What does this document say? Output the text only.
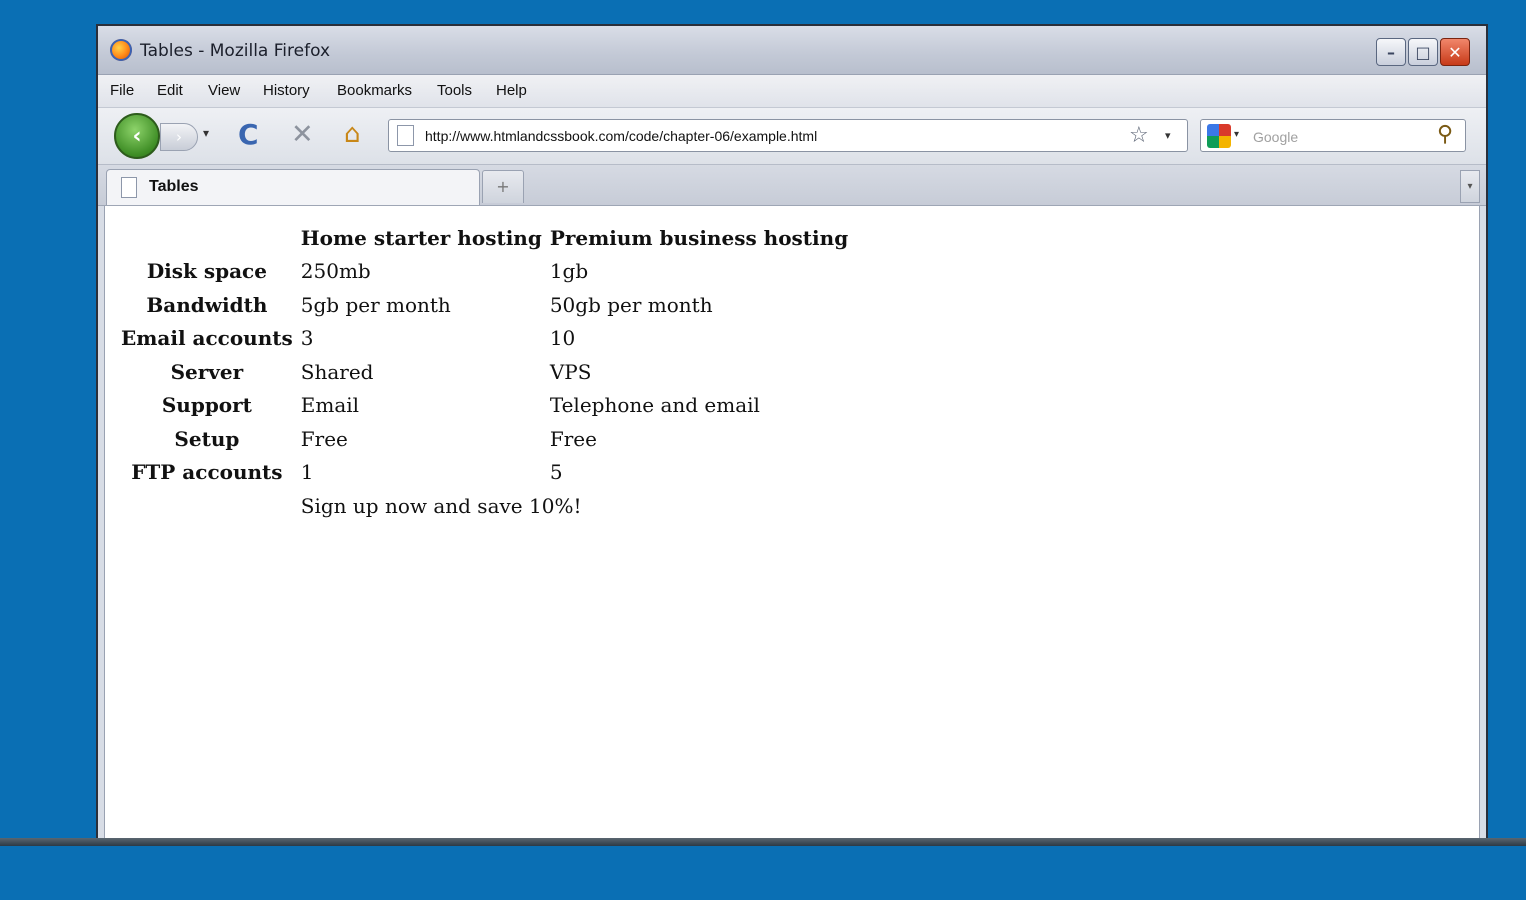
Tables - Mozilla Firefox	–	□	✕
File Edit View History Bookmarks Tools Help
‹	›	▾ C ✕ ⌂	http://www.htmlandcssbook.com/code/chapter-06/example.html	☆ ▾	▾
Google	⚲
Tables	+	▾
	Home starter hosting	Premium business hosting
Disk space	250mb	1gb
Bandwidth	5gb per month	50gb per month
Email accounts	3	10
Server	Shared	VPS
Support	Email	Telephone and email
Setup	Free	Free
FTP accounts	1	5
	Sign up now and save 10%!	
